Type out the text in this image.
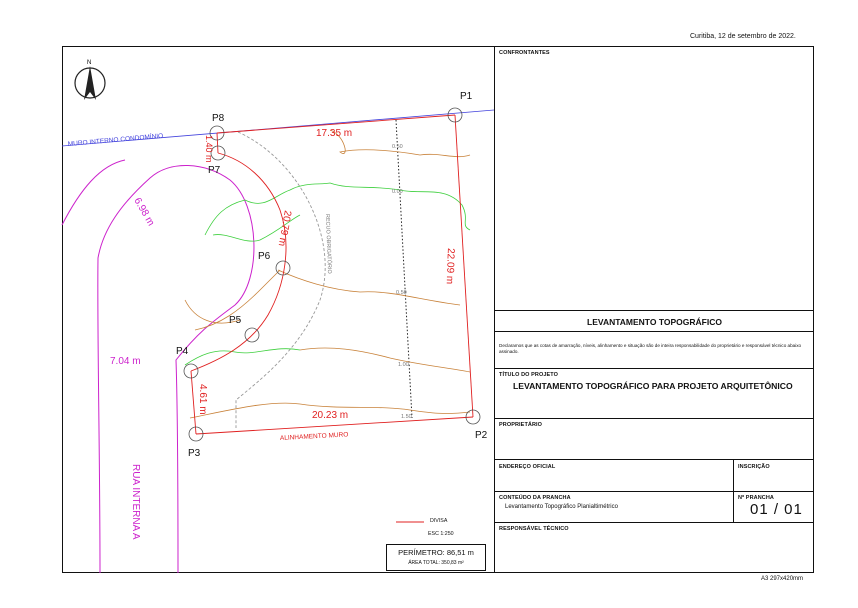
Curitiba, 12 de setembro de 2022.
N
P1
P2
P3
P4
P5
P6
P7
P8
17.35 m
22.09 m
20.23 m
4.61 m
20.79 m
1.40 m
6.98 m
7.04 m
RUA INTERNA A
MURO INTERNO CONDOMÍNIO
ALINHAMENTO MURO
RECUO OBRIGATÓRIO
0.50
0.00
0.50
1.00
1.50
DIVISA
ESC 1:250
PERÍMETRO: 86,51 m
ÁREA TOTAL: 350,83 m²
CONFRONTANTES
LEVANTAMENTO TOPOGRÁFICO
Declaramos que as cotas de amarração, níveis, alinhamento e situação são de inteira responsabilidade do proprietário e responsável técnico abaixo assinado.
TÍTULO DO PROJETO
LEVANTAMENTO TOPOGRÁFICO PARA PROJETO ARQUITETÔNICO
PROPRIETÁRIO
ENDEREÇO OFICIAL	INSCRIÇÃO
CONTEÚDO DA PRANCHA
Levantamento Topográfico Planialtimétrico
Nº PRANCHA
01 / 01
RESPONSÁVEL TÉCNICO
A3 297x420mm
